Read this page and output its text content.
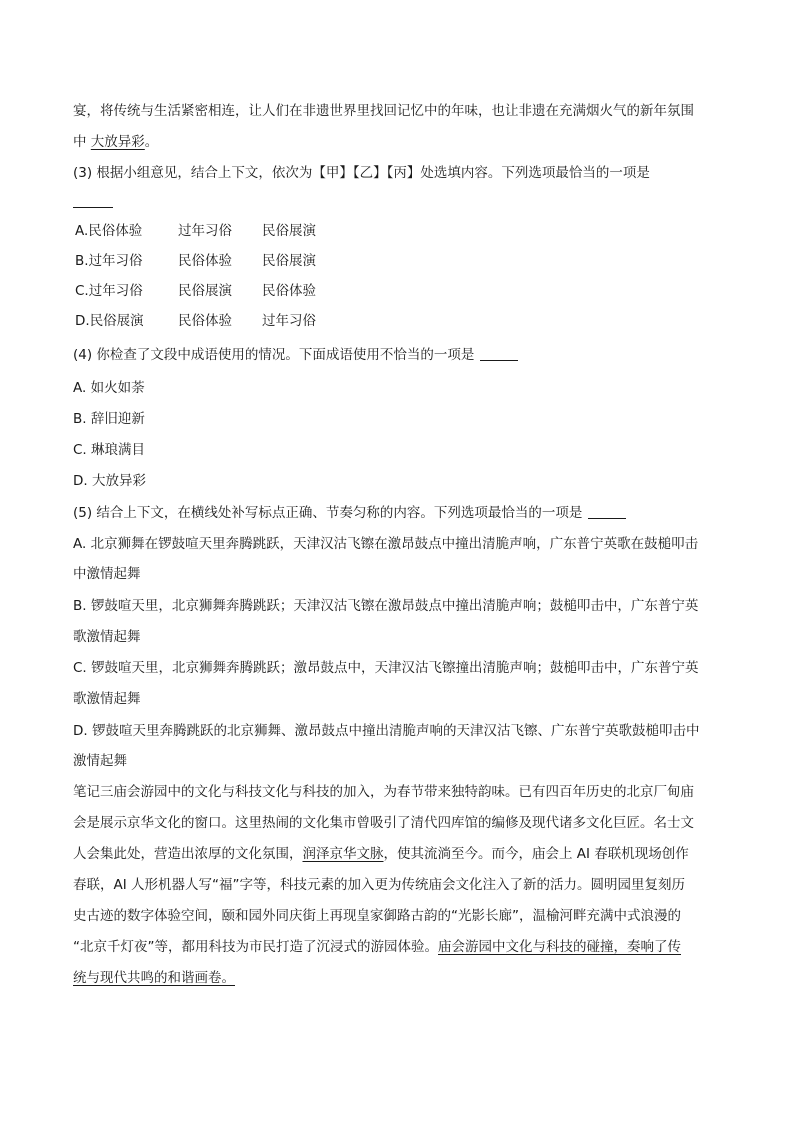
宴，将传统与生活紧密相连，让人们在非遗世界里找回记忆中的年味，也让非遗在充满烟火气的新年氛围
中 大放异彩。
(3) 根据小组意见，结合上下文，依次为【甲】【乙】【丙】处选填内容。下列选项最恰当的一项是
A.民俗体验	过年习俗 民俗展演
B.过年习俗	民俗体验 民俗展演
C.过年习俗	民俗展演 民俗体验
D.民俗展演	民俗体验 过年习俗
(4) 你检查了文段中成语使用的情况。下面成语使用不恰当的一项是
A. 如火如荼
B. 辞旧迎新
C. 琳琅满目
D. 大放异彩
(5) 结合上下文，在横线处补写标点正确、节奏匀称的内容。下列选项最恰当的一项是
A. 北京狮舞在锣鼓喧天里奔腾跳跃，天津汉沽飞镲在激昂鼓点中撞出清脆声响，广东普宁英歌在鼓槌叩击
中激情起舞
B. 锣鼓喧天里，北京狮舞奔腾跳跃；天津汉沽飞镲在激昂鼓点中撞出清脆声响；鼓槌叩击中，广东普宁英
歌激情起舞
C. 锣鼓喧天里，北京狮舞奔腾跳跃；激昂鼓点中，天津汉沽飞镲撞出清脆声响；鼓槌叩击中，广东普宁英
歌激情起舞
D. 锣鼓喧天里奔腾跳跃的北京狮舞、激昂鼓点中撞出清脆声响的天津汉沽飞镲、广东普宁英歌鼓槌叩击中
激情起舞
笔记三庙会游园中的文化与科技文化与科技的加入，为春节带来独特韵味。已有四百年历史的北京厂甸庙
会是展示京华文化的窗口。这里热闹的文化集市曾吸引了清代四库馆的编修及现代诸多文化巨匠。名士文
人会集此处，营造出浓厚的文化氛围，润泽京华文脉，使其流淌至今。而今，庙会上 AI 春联机现场创作
春联，AI 人形机器人写“福”字等，科技元素的加入更为传统庙会文化注入了新的活力。圆明园里复刻历
史古迹的数字体验空间，颐和园外同庆街上再现皇家御路古韵的“光影长廊”，温榆河畔充满中式浪漫的
“北京千灯夜”等，都用科技为市民打造了沉浸式的游园体验。庙会游园中文化与科技的碰撞，奏响了传
统与现代共鸣的和谐画卷。
